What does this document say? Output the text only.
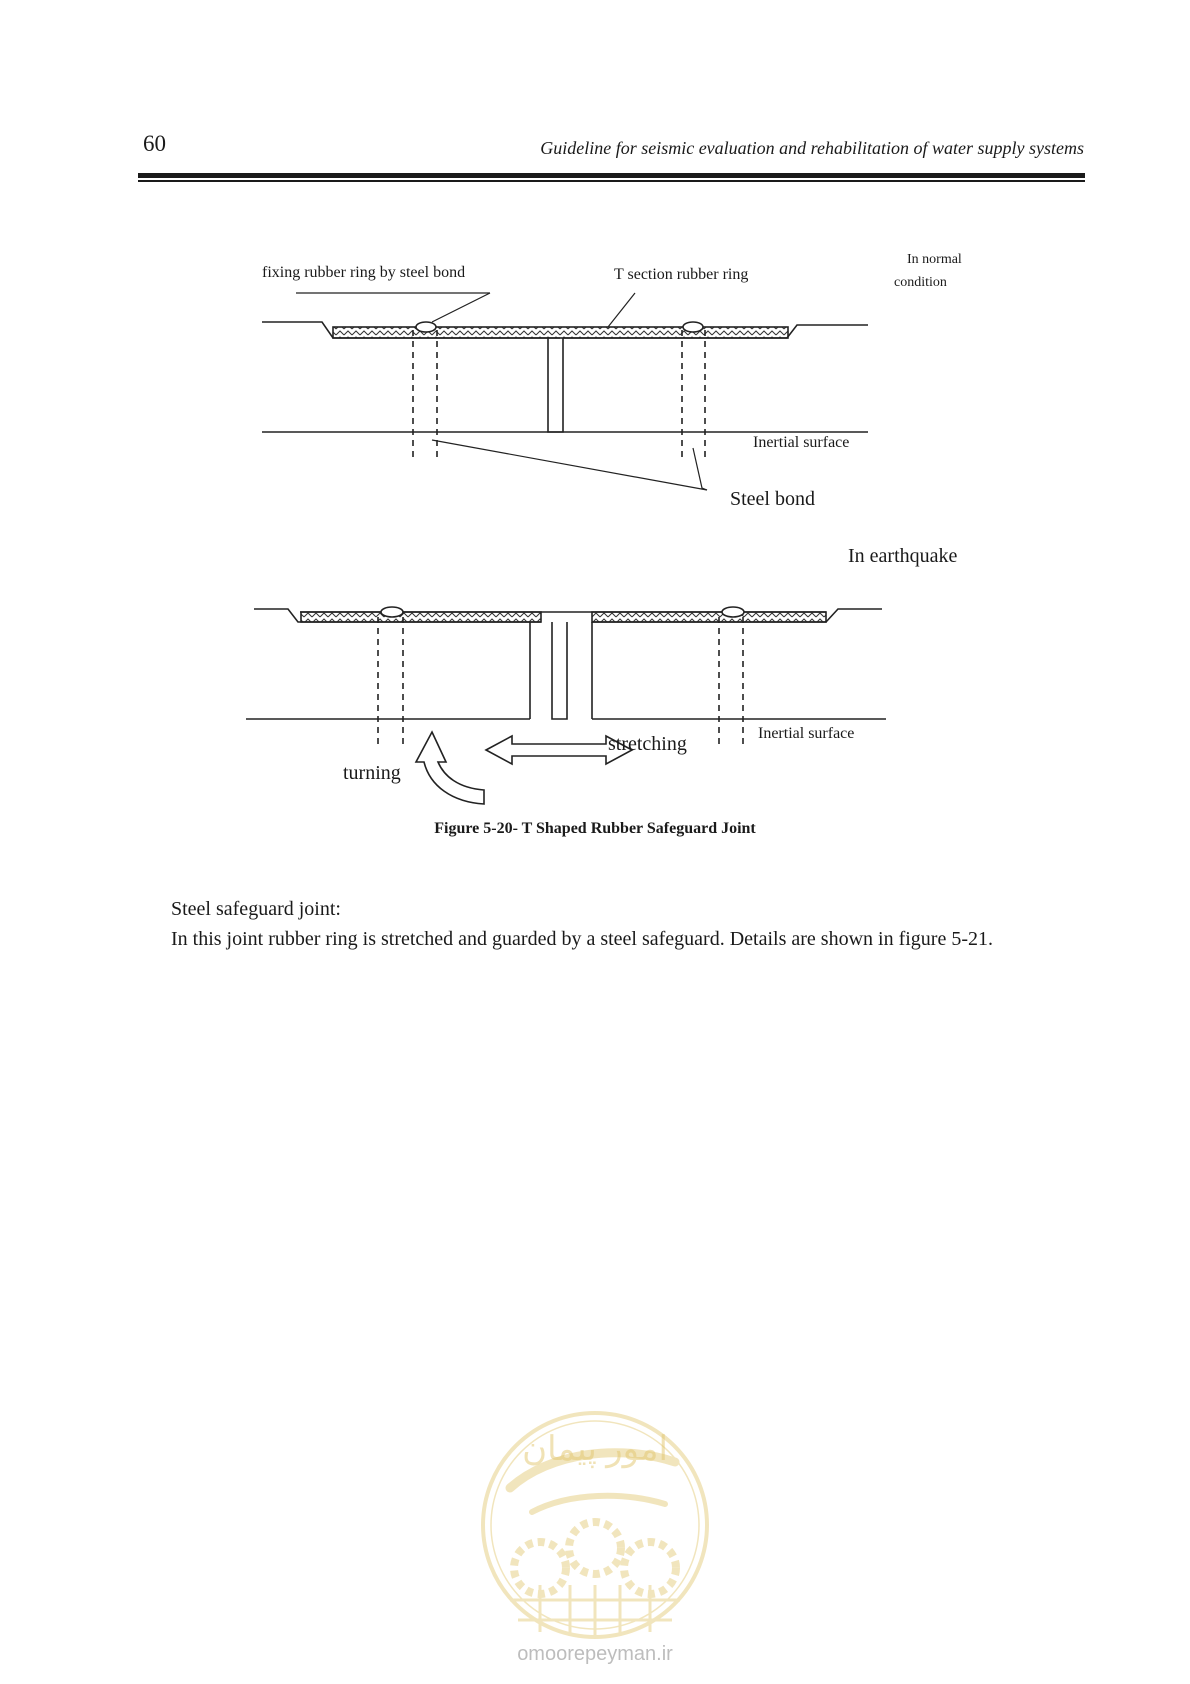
60	Guideline for seismic evaluation and rehabilitation of water supply systems
fixing rubber ring by steel bond	T section rubber ring
In normal
condition
Inertial surface
Steel bond
In earthquake
Inertial surface
stretching
turning
Figure 5-20- T Shaped Rubber Safeguard Joint
Steel safeguard joint:
In this joint rubber ring is stretched and guarded by a steel safeguard. Details are shown in figure 5-21.
امور پیمان
omoorepeyman.ir
